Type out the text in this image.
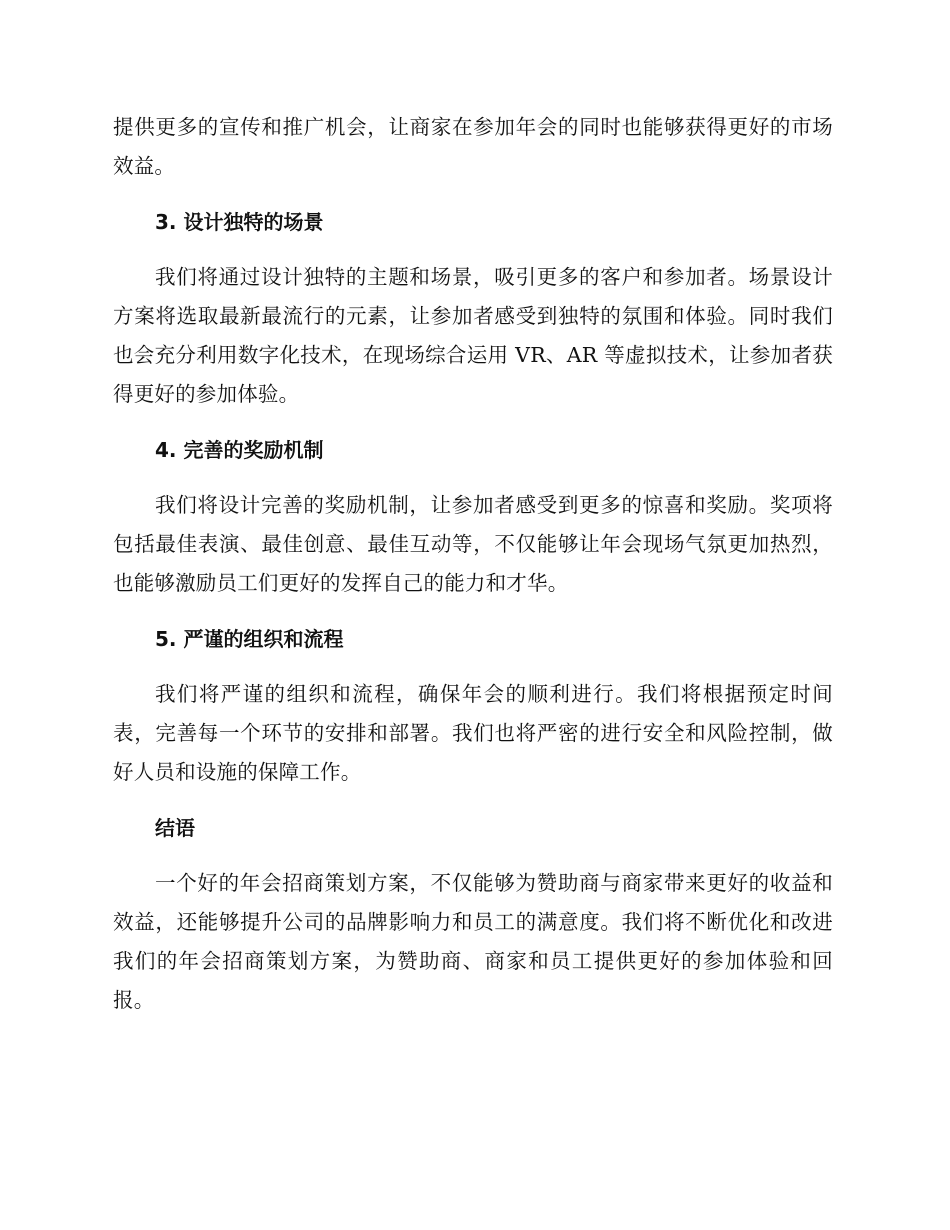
提供更多的宣传和推广机会，让商家在参加年会的同时也能够获得更好的市场效益。

3. 设计独特的场景

我们将通过设计独特的主题和场景，吸引更多的客户和参加者。场景设计方案将选取最新最流行的元素，让参加者感受到独特的氛围和体验。同时我们也会充分利用数字化技术，在现场综合运用 VR、AR 等虚拟技术，让参加者获得更好的参加体验。

4. 完善的奖励机制

我们将设计完善的奖励机制，让参加者感受到更多的惊喜和奖励。奖项将包括最佳表演、最佳创意、最佳互动等，不仅能够让年会现场气氛更加热烈，也能够激励员工们更好的发挥自己的能力和才华。

5. 严谨的组织和流程

我们将严谨的组织和流程，确保年会的顺利进行。我们将根据预定时间表，完善每一个环节的安排和部署。我们也将严密的进行安全和风险控制，做好人员和设施的保障工作。

结语

一个好的年会招商策划方案，不仅能够为赞助商与商家带来更好的收益和效益，还能够提升公司的品牌影响力和员工的满意度。我们将不断优化和改进我们的年会招商策划方案，为赞助商、商家和员工提供更好的参加体验和回报。
